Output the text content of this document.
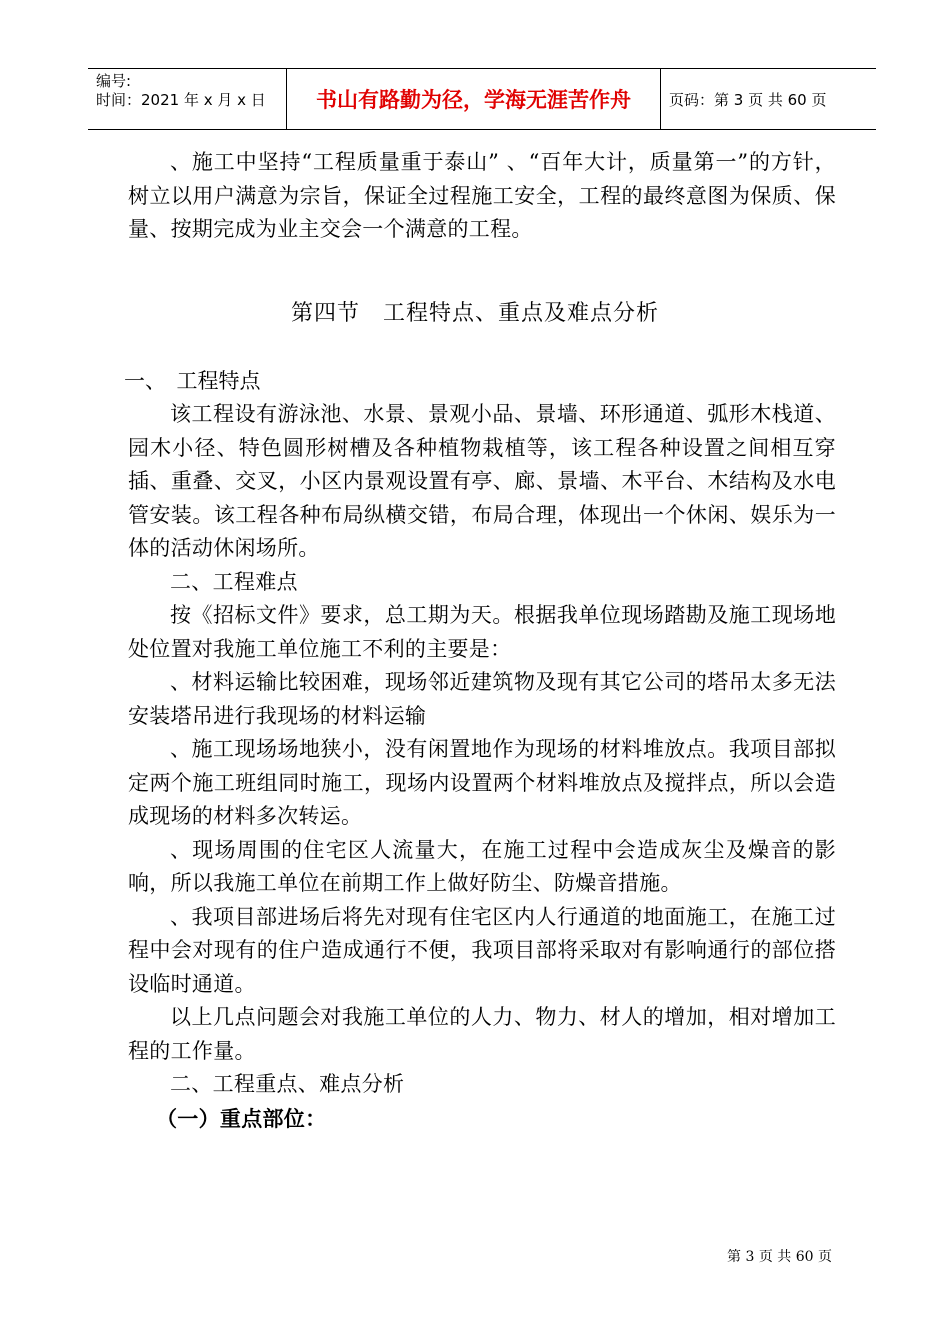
编号:
时间：2021 年 x 月 x 日	书山有路勤为径，学海无涯苦作舟	页码：第 3 页 共 60 页

、施工中坚持“工程质量重于泰山” 、“百年大计，质量第一”的方针，树立以用户满意为宗旨，保证全过程施工安全，工程的最终意图为保质、保量、按期完成为业主交会一个满意的工程。

一、　工程特点

该工程设有游泳池、水景、景观小品、景墙、环形通道、弧形木栈道、园木小径、特色圆形树槽及各种植物栽植等，该工程各种设置之间相互穿插、重叠、交叉，小区内景观设置有亭、廊、景墙、木平台、木结构及水电管安装。该工程各种布局纵横交错，布局合理，体现出一个休闲、娱乐为一体的活动休闲场所。

二、工程难点

按《招标文件》要求，总工期为天。根据我单位现场踏勘及施工现场地处位置对我施工单位施工不利的主要是：

、材料运输比较困难，现场邻近建筑物及现有其它公司的塔吊太多无法安装塔吊进行我现场的材料运输

、施工现场场地狭小，没有闲置地作为现场的材料堆放点。我项目部拟定两个施工班组同时施工，现场内设置两个材料堆放点及搅拌点，所以会造成现场的材料多次转运。

、现场周围的住宅区人流量大，在施工过程中会造成灰尘及燥音的影响，所以我施工单位在前期工作上做好防尘、防燥音措施。

、我项目部进场后将先对现有住宅区内人行通道的地面施工，在施工过程中会对现有的住户造成通行不便，我项目部将采取对有影响通行的部位搭设临时通道。

以上几点问题会对我施工单位的人力、物力、材人的增加，相对增加工程的工作量。

二、工程重点、难点分析

（一）重点部位：

第四节　工程特点、重点及难点分析
第 3 页 共 60 页
